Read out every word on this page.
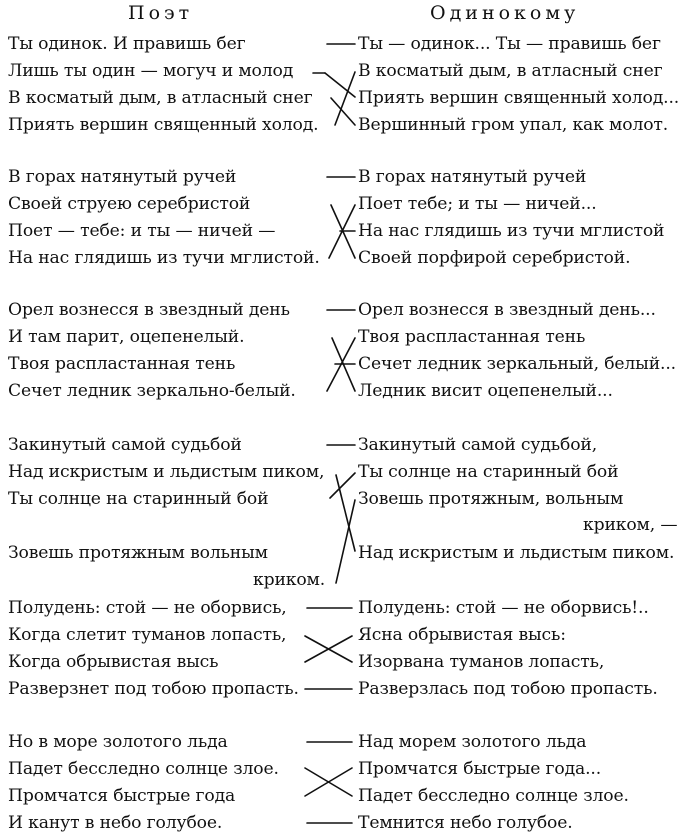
Поэт	Одинокому
Ты одинок. И правишь бег
Лишь ты один — могуч и молод
В косматый дым, в атласный снег
Приять вершин священный холод.
В горах натянутый ручей
Своей струею серебристой
Поет — тебе: и ты — ничей —
На нас глядишь из тучи мглистой.
Орел вознесся в звездный день
И там парит, оцепенелый.
Твоя распластанная тень
Сечет ледник зеркально-белый.
Закинутый самой судьбой
Над искристым и льдистым пиком,
Ты солнце на старинный бой
Зовешь протяжным вольным
криком.
Полудень: стой — не оборвись,
Когда слетит туманов лопасть,
Когда обрывистая высь
Разверзнет под тобою пропасть.
Но в море золотого льда
Падет бесследно солнце злое.
Промчатся быстрые года
И канут в небо голубое.
Ты — одинок... Ты — правишь бег
В косматый дым, в атласный снег
Приять вершин священный холод...
Вершинный гром упал, как молот.
В горах натянутый ручей
Поет тебе; и ты — ничей...
На нас глядишь из тучи мглистой
Своей порфирой серебристой.
Орел вознесся в звездный день...
Твоя распластанная тень
Сечет ледник зеркальный, белый...
Ледник висит оцепенелый...
Закинутый самой судьбой,
Ты солнце на старинный бой
Зовешь протяжным, вольным
криком, —
Над искристым и льдистым пиком.
Полудень: стой — не оборвись!..
Ясна обрывистая высь:
Изорвана туманов лопасть,
Разверзлась под тобою пропасть.
Над морем золотого льда
Промчатся быстрые года...
Падет бесследно солнце злое.
Темнится небо голубое.
